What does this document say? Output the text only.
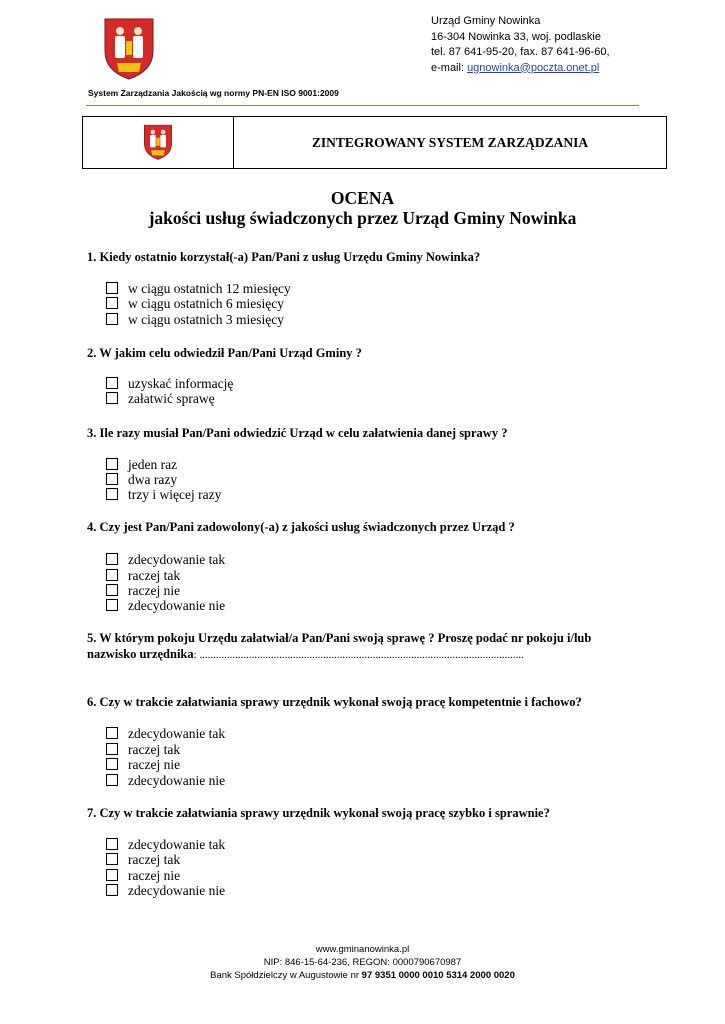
Urząd Gminy Nowinka
16-304 Nowinka 33, woj. podlaskie
tel. 87 641-95-20, fax. 87 641-96-60,
e-mail: ugnowinka@poczta.onet.pl
System Zarządzania Jakością wg normy PN-EN ISO 9001:2009
ZINTEGROWANY SYSTEM ZARZĄDZANIA
OCENA
jakości usług świadczonych przez Urząd Gminy Nowinka
1. Kiedy ostatnio korzystał(-a) Pan/Pani z usług Urzędu Gminy Nowinka?
w ciągu ostatnich 12 miesięcy
w ciągu ostatnich 6 miesięcy
w ciągu ostatnich 3 miesięcy
2. W jakim celu odwiedził Pan/Pani Urząd Gminy ?
uzyskać informację
załatwić sprawę
3. Ile razy musiał Pan/Pani odwiedzić Urząd w celu załatwienia danej sprawy ?
jeden raz
dwa razy
trzy i więcej razy
4. Czy jest Pan/Pani zadowolony(-a) z jakości usług świadczonych przez Urząd ?
zdecydowanie tak
raczej tak
raczej nie
zdecydowanie nie
5. W którym pokoju Urzędu załatwiał/a Pan/Pani swoją sprawę ? Proszę podać nr pokoju i/lub
nazwisko urzędnika: ......................................................................................................................
6. Czy w trakcie załatwiania sprawy urzędnik wykonał swoją pracę kompetentnie i fachowo?
zdecydowanie tak
raczej tak
raczej nie
zdecydowanie nie
7. Czy w trakcie załatwiania sprawy urzędnik wykonał swoją pracę szybko i sprawnie?
zdecydowanie tak
raczej tak
raczej nie
zdecydowanie nie
www.gminanowinka.pl
NIP: 846-15-64-236, REGON: 0000790670987
Bank Spółdzielczy w Augustowie nr 97 9351 0000 0010 5314 2000 0020
